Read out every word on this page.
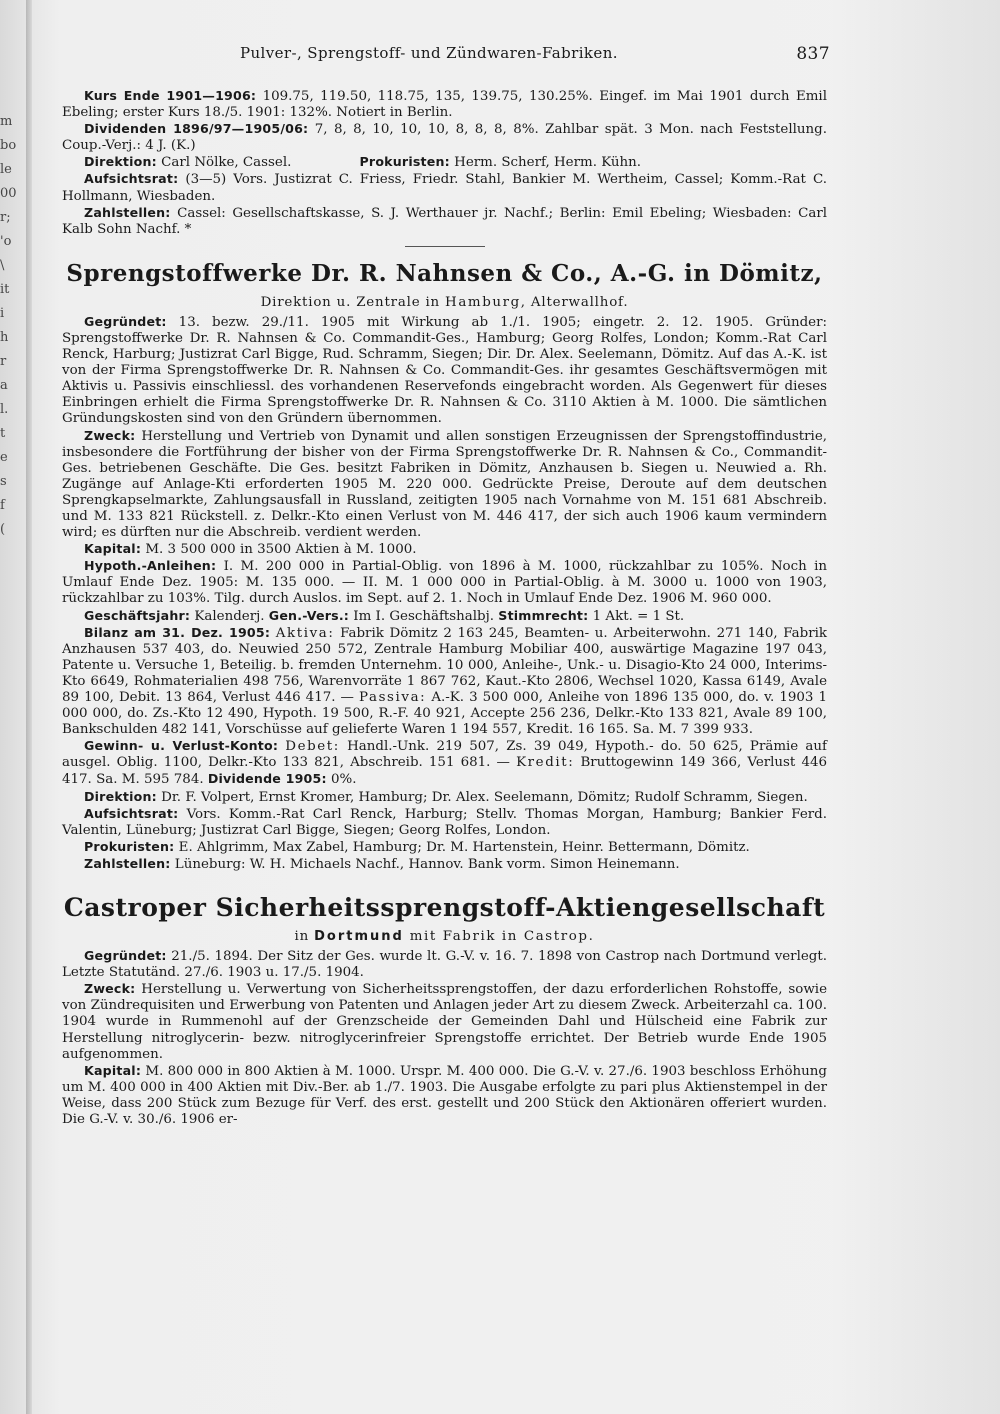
m
bo
le
00
r;
'o
\
it
i
h
r
a
l.
t
e
s
f
(
Pulver-, Sprengstoff- und Zündwaren-Fabriken.	837

Kurs Ende 1901—1906: 109.75, 119.50, 118.75, 135, 139.75, 130.25%. Eingef. im Mai 1901 durch Emil Ebeling; erster Kurs 18./5. 1901: 132%. Notiert in Berlin.

Dividenden 1896/97—1905/06: 7, 8, 8, 10, 10, 10, 8, 8, 8, 8%. Zahlbar spät. 3 Mon. nach Feststellung. Coup.-Verj.: 4 J. (K.)

Direktion: Carl Nölke, Cassel.	Prokuristen: Herm. Scherf, Herm. Kühn.

Aufsichtsrat: (3—5) Vors. Justizrat C. Friess, Friedr. Stahl, Bankier M. Wertheim, Cassel; Komm.-Rat C. Hollmann, Wiesbaden.

Zahlstellen: Cassel: Gesellschaftskasse, S. J. Werthauer jr. Nachf.; Berlin: Emil Ebeling; Wiesbaden: Carl Kalb Sohn Nachf. *

Sprengstoffwerke Dr. R. Nahnsen & Co., A.-G. in Dömitz,
Direktion u. Zentrale in Hamburg, Alterwallhof.

Gegründet: 13. bezw. 29./11. 1905 mit Wirkung ab 1./1. 1905; eingetr. 2. 12. 1905. Gründer: Sprengstoffwerke Dr. R. Nahnsen & Co. Commandit-Ges., Hamburg; Georg Rolfes, London; Komm.-Rat Carl Renck, Harburg; Justizrat Carl Bigge, Rud. Schramm, Siegen; Dir. Dr. Alex. Seelemann, Dömitz. Auf das A.-K. ist von der Firma Sprengstoffwerke Dr. R. Nahnsen & Co. Commandit-Ges. ihr gesamtes Geschäftsvermögen mit Aktivis u. Passivis einschliessl. des vorhandenen Reservefonds eingebracht worden. Als Gegenwert für dieses Einbringen erhielt die Firma Sprengstoffwerke Dr. R. Nahnsen & Co. 3110 Aktien à M. 1000. Die sämtlichen Gründungskosten sind von den Gründern übernommen.

Zweck: Herstellung und Vertrieb von Dynamit und allen sonstigen Erzeugnissen der Sprengstoffindustrie, insbesondere die Fortführung der bisher von der Firma Sprengstoffwerke Dr. R. Nahnsen & Co., Commandit-Ges. betriebenen Geschäfte. Die Ges. besitzt Fabriken in Dömitz, Anzhausen b. Siegen u. Neuwied a. Rh. Zugänge auf Anlage-Kti erforderten 1905 M. 220 000. Gedrückte Preise, Deroute auf dem deutschen Sprengkapselmarkte, Zahlungsausfall in Russland, zeitigten 1905 nach Vornahme von M. 151 681 Abschreib. und M. 133 821 Rückstell. z. Delkr.-Kto einen Verlust von M. 446 417, der sich auch 1906 kaum vermindern wird; es dürften nur die Abschreib. verdient werden.

Kapital: M. 3 500 000 in 3500 Aktien à M. 1000.

Hypoth.-Anleihen: I. M. 200 000 in Partial-Oblig. von 1896 à M. 1000, rückzahlbar zu 105%. Noch in Umlauf Ende Dez. 1905: M. 135 000. — II. M. 1 000 000 in Partial-Oblig. à M. 3000 u. 1000 von 1903, rückzahlbar zu 103%. Tilg. durch Auslos. im Sept. auf 2. 1. Noch in Umlauf Ende Dez. 1906 M. 960 000.

Geschäftsjahr: Kalenderj. Gen.-Vers.: Im I. Geschäftshalbj. Stimmrecht: 1 Akt. = 1 St.

Bilanz am 31. Dez. 1905: Aktiva: Fabrik Dömitz 2 163 245, Beamten- u. Arbeiterwohn. 271 140, Fabrik Anzhausen 537 403, do. Neuwied 250 572, Zentrale Hamburg Mobiliar 400, auswärtige Magazine 197 043, Patente u. Versuche 1, Beteilig. b. fremden Unternehm. 10 000, Anleihe-, Unk.- u. Disagio-Kto 24 000, Interims-Kto 6649, Rohmaterialien 498 756, Warenvorräte 1 867 762, Kaut.-Kto 2806, Wechsel 1020, Kassa 6149, Avale 89 100, Debit. 13 864, Verlust 446 417. — Passiva: A.-K. 3 500 000, Anleihe von 1896 135 000, do. v. 1903 1 000 000, do. Zs.-Kto 12 490, Hypoth. 19 500, R.-F. 40 921, Accepte 256 236, Delkr.-Kto 133 821, Avale 89 100, Bankschulden 482 141, Vorschüsse auf gelieferte Waren 1 194 557, Kredit. 16 165. Sa. M. 7 399 933.

Gewinn- u. Verlust-Konto: Debet: Handl.-Unk. 219 507, Zs. 39 049, Hypoth.- do. 50 625, Prämie auf ausgel. Oblig. 1100, Delkr.-Kto 133 821, Abschreib. 151 681. — Kredit: Bruttogewinn 149 366, Verlust 446 417. Sa. M. 595 784. Dividende 1905: 0%.

Direktion: Dr. F. Volpert, Ernst Kromer, Hamburg; Dr. Alex. Seelemann, Dömitz; Rudolf Schramm, Siegen.

Aufsichtsrat: Vors. Komm.-Rat Carl Renck, Harburg; Stellv. Thomas Morgan, Hamburg; Bankier Ferd. Valentin, Lüneburg; Justizrat Carl Bigge, Siegen; Georg Rolfes, London.

Prokuristen: E. Ahlgrimm, Max Zabel, Hamburg; Dr. M. Hartenstein, Heinr. Bettermann, Dömitz.

Zahlstellen: Lüneburg: W. H. Michaels Nachf., Hannov. Bank vorm. Simon Heinemann.

Castroper Sicherheitssprengstoff-Aktiengesellschaft
in Dortmund mit Fabrik in Castrop.

Gegründet: 21./5. 1894. Der Sitz der Ges. wurde lt. G.-V. v. 16. 7. 1898 von Castrop nach Dortmund verlegt. Letzte Statutänd. 27./6. 1903 u. 17./5. 1904.

Zweck: Herstellung u. Verwertung von Sicherheitssprengstoffen, der dazu erforderlichen Rohstoffe, sowie von Zündrequisiten und Erwerbung von Patenten und Anlagen jeder Art zu diesem Zweck. Arbeiterzahl ca. 100. 1904 wurde in Rummenohl auf der Grenzscheide der Gemeinden Dahl und Hülscheid eine Fabrik zur Herstellung nitroglycerin- bezw. nitroglycerinfreier Sprengstoffe errichtet. Der Betrieb wurde Ende 1905 aufgenommen.

Kapital: M. 800 000 in 800 Aktien à M. 1000. Urspr. M. 400 000. Die G.-V. v. 27./6. 1903 beschloss Erhöhung um M. 400 000 in 400 Aktien mit Div.-Ber. ab 1./7. 1903. Die Ausgabe erfolgte zu pari plus Aktienstempel in der Weise, dass 200 Stück zum Bezuge für Verf. des erst. gestellt und 200 Stück den Aktionären offeriert wurden. Die G.-V. v. 30./6. 1906 er-
